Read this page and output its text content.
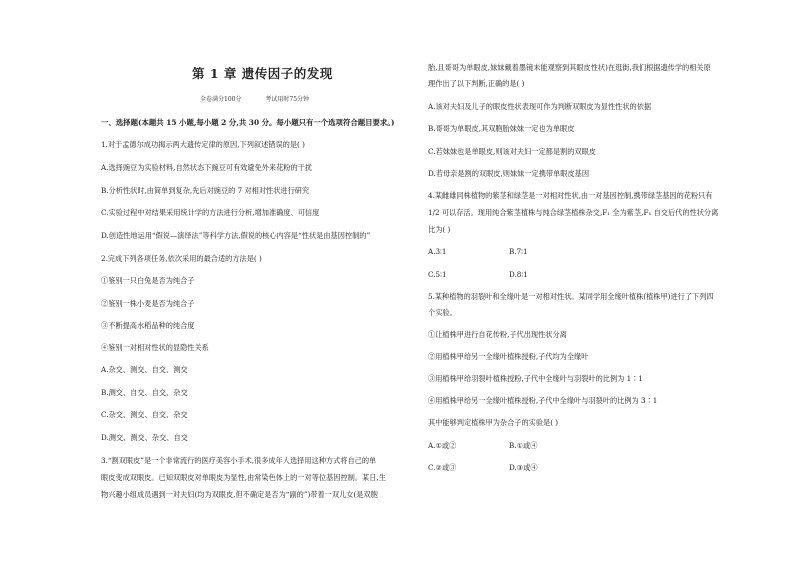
第 1 章 遗传因子的发现
全卷满分100分	考试用时75分钟
一、选择题(本题共 15 小题,每小题 2 分,共 30 分。每小题只有一个选项符合题目要求。)
1.对于孟德尔成功揭示两大遗传定律的原因,下列叙述错误的是( )
A.选择豌豆为实验材料,自然状态下豌豆可有效避免外来花粉的干扰
B.分析性状时,由简单到复杂,先后对豌豆的 7 对相对性状进行研究
C.实验过程中对结果采用统计学的方法进行分析,增加准确度、可信度
D.创造性地运用“假说—演绎法”等科学方法,假说的核心内容是“性状是由基因控制的”
2.完成下列各项任务,依次采用的最合适的方法是( )
①鉴别一只白兔是否为纯合子
②鉴别一株小麦是否为纯合子
③不断提高水稻品种的纯合度
④鉴别一对相对性状的显隐性关系
A.杂交、测交、自交、测交
B.测交、自交、自交、杂交
C.杂交、测交、自交、杂交
D.测交、测交、杂交、自交
3.“割双眼皮”是一个非常流行的医疗美容小手术,很多成年人选择用这种方式将自己的单
眼皮变成双眼皮。已知双眼皮对单眼皮为显性,由常染色体上的一对等位基因控制。某日,生
物兴趣小组成员遇到一对夫妇(均为双眼皮,但不确定是否为“副的”)带着一双儿女(是双胞
胎,且哥哥为单眼皮,妹妹戴着墨镜未能观察到其眼皮性状)在逛街,我们根据遗传学的相关原
理作出了以下判断,正确的是( )
A.该对夫妇及儿子的眼皮性状表现可作为判断双眼皮为显性性状的依据
B.哥哥为单眼皮,其双胞胎妹妹一定也为单眼皮
C.若妹妹也是单眼皮,则该对夫妇一定都是割的双眼皮
D.若母亲是割的双眼皮,则妹妹一定携带单眼皮基因
4.某雌雄同株植物的紫茎和绿茎是一对相对性状,由一对基因控制,携带绿茎基因的花粉只有
1/2 可以存活。现用纯合紫茎植株与纯合绿茎植株杂交,F₁ 全为紫茎,F₁ 自交后代的性状分离
比为( )
A.3∶1	B.7∶1
C.5∶1	D.8∶1
5.某种植物的羽裂叶和全缘叶是一对相对性状。某同学用全缘叶植株(植株甲)进行了下列四
个实验。
①让植株甲进行自花传粉,子代出现性状分离
②用植株甲给另一全缘叶植株授粉,子代均为全缘叶
③用植株甲给羽裂叶植株授粉,子代中全缘叶与羽裂叶的比例为 1∶1
④用植株甲给另一全缘叶植株授粉,子代中全缘叶与羽裂叶的比例为 3∶1
其中能够判定植株甲为杂合子的实验是( )
A.①或②	B.①或④
C.②或③	D.③或④
